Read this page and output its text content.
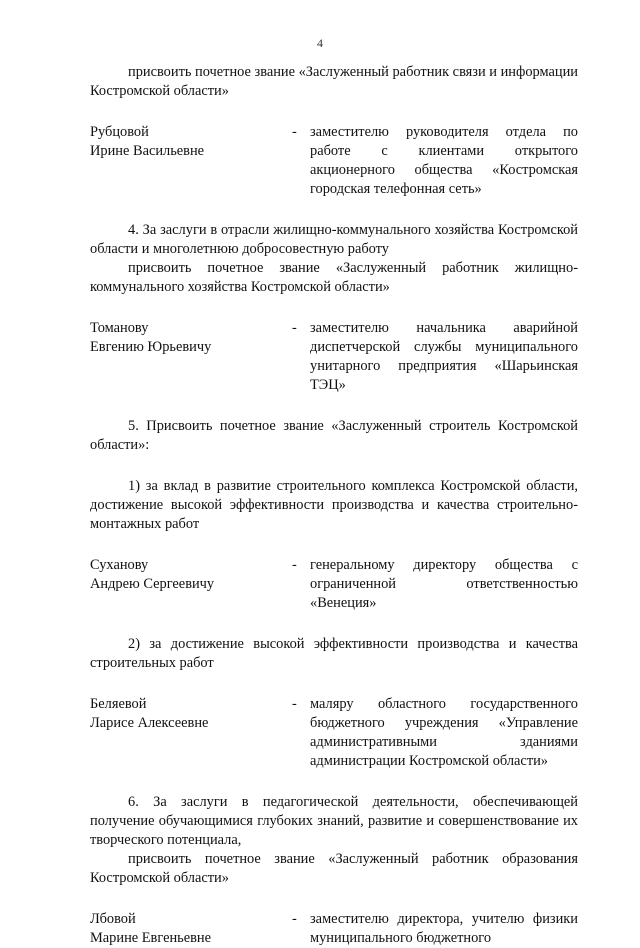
4

присвоить почетное звание «Заслуженный работник связи и информации Костромской области»

Рубцовой
Ирине Васильевне
- заместителю руководителя отдела по работе с клиентами открытого акционерного общества «Костромская городская телефонная сеть»

4. За заслуги в отрасли жилищно-коммунального хозяйства Костромской области и многолетнюю добросовестную работу

присвоить почетное звание «Заслуженный работник жилищно-коммунального хозяйства Костромской области»

Томанову
Евгению Юрьевичу
- заместителю начальника аварийной диспетчерской службы муниципального унитарного предприятия «Шарьинская ТЭЦ»

5. Присвоить почетное звание «Заслуженный строитель Костромской области»:

1) за вклад в развитие строительного комплекса Костромской области, достижение высокой эффективности производства и качества строительно-монтажных работ

Суханову
Андрею Сергеевичу
- генеральному директору общества с ограниченной ответственностью «Венеция»

2) за достижение высокой эффективности производства и качества строительных работ

Беляевой
Ларисе Алексеевне
- маляру областного государственного бюджетного учреждения «Управление административными зданиями администрации Костромской области»

6. За заслуги в педагогической деятельности, обеспечивающей получение обучающимися глубоких знаний, развитие и совершенствование их творческого потенциала,

присвоить почетное звание «Заслуженный работник образования Костромской области»

Лбовой
Марине Евгеньевне
- заместителю директора, учителю физики муниципального бюджетного
